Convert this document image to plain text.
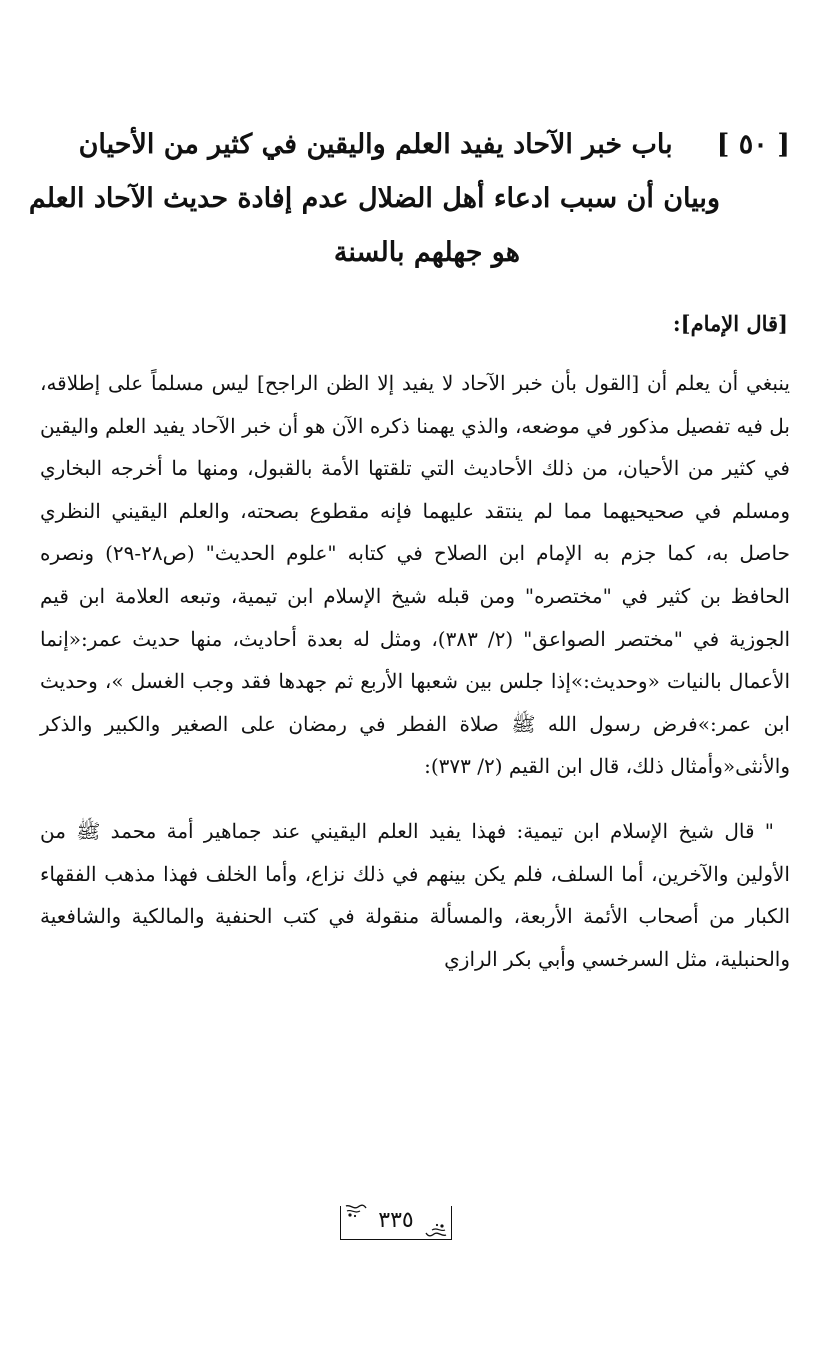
[ ٥٠ ]باب خبر الآحاد يفيد العلم واليقين في كثير من الأحيان
وبيان أن سبب ادعاء أهل الضلال عدم إفادة حديث الآحاد العلم
هو جهلهم بالسنة
[قال الإمام]:

ينبغي أن يعلم أن [القول بأن خبر الآحاد لا يفيد إلا الظن الراجح] ليس مسلماً على إطلاقه، بل فيه تفصيل مذكور في موضعه، والذي يهمنا ذكره الآن هو أن خبر الآحاد يفيد العلم واليقين في كثير من الأحيان، من ذلك الأحاديث التي تلقتها الأمة بالقبول، ومنها ما أخرجه البخاري ومسلم في صحيحيهما مما لم ينتقد عليهما فإنه مقطوع بصحته، والعلم اليقيني النظري حاصل به، كما جزم به الإمام ابن الصلاح في كتابه "علوم الحديث" (ص٢٨-٢٩) ونصره الحافظ بن كثير في "مختصره" ومن قبله شيخ الإسلام ابن تيمية، وتبعه العلامة ابن قيم الجوزية في "مختصر الصواعق" (٢/ ٣٨٣)، ومثل له بعدة أحاديث، منها حديث عمر:«إنما الأعمال بالنيات «وحديث:»إذا جلس بين شعبها الأربع ثم جهدها فقد وجب الغسل »، وحديث ابن عمر:»فرض رسول الله ﷺ صلاة الفطر في رمضان على الصغير والكبير والذكر والأنثى«وأمثال ذلك، قال ابن القيم (٢/ ٣٧٣):

" قال شيخ الإسلام ابن تيمية: فهذا يفيد العلم اليقيني عند جماهير أمة محمد ﷺ من الأولين والآخرين، أما السلف، فلم يكن بينهم في ذلك نزاع، وأما الخلف فهذا مذهب الفقهاء الكبار من أصحاب الأئمة الأربعة، والمسألة منقولة في كتب الحنفية والمالكية والشافعية والحنبلية، مثل السرخسي وأبي بكر الرازي

٣٣٥
